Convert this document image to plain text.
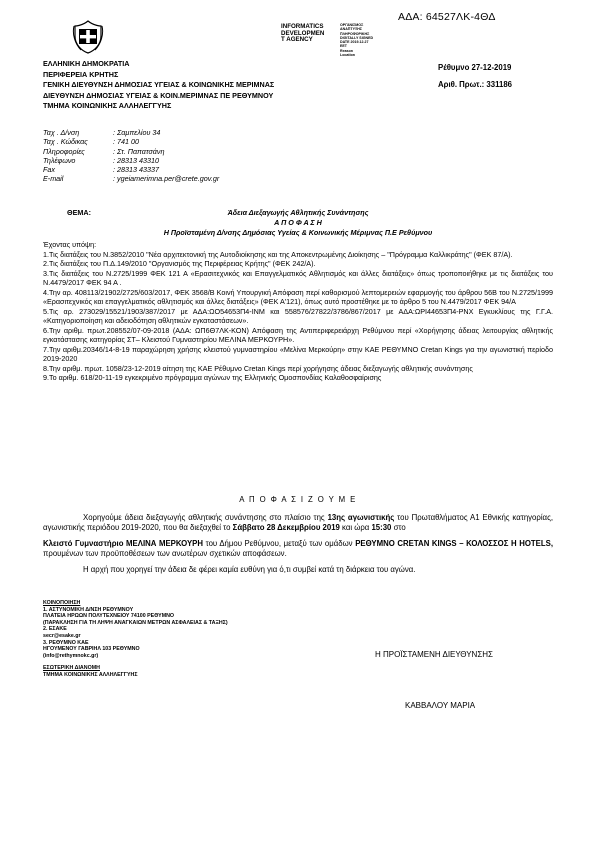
ΑΔΑ: 64527ΛΚ-4ΘΔ
INFORMATICS
DEVELOPMEN
T AGENCY
ΟΡΓΑΝΙΣΜΟΣ
ΑΝΑΠΤΥΞΗΣ
ΠΛΗΡΟΦΟΡΙΚΗΣ
DIGITALLY SIGNED
DATE 2019.12.27
EET
Reason
Location
ΕΛΛΗΝΙΚΗ ΔΗΜΟΚΡΑΤΙΑ
ΠΕΡΙΦΕΡΕΙΑ ΚΡΗΤΗΣ
ΓΕΝΙΚΗ ΔΙΕΥΘΥΝΣΗ ΔΗΜΟΣΙΑΣ ΥΓΕΙΑΣ & ΚΟΙΝΩΝΙΚΗΣ ΜΕΡΙΜΝΑΣ
ΔΙΕΥΘΥΝΣΗ ΔΗΜΟΣΙΑΣ ΥΓΕΙΑΣ & ΚΟΙΝ.ΜΕΡΙΜΝΑΣ ΠΕ ΡΕΘΥΜΝΟΥ
ΤΜΗΜΑ ΚΟΙΝΩΝΙΚΗΣ ΑΛΛΗΛΕΓΓΥΗΣ
Ρέθυμνο 27-12-2019
Αριθ. Πρωτ.: 331186
Ταχ . Δ/νση	: Σαμπελίου 34
Ταχ . Κώδικας	: 741 00
Πληροφορίες	: Στ. Παπατσάνη
Τηλέφωνο	: 28313 43310
Fax	: 28313 43337
E-mail	: ygeiamerimna.per@crete.gov.gr
Άδεια Διεξαγωγής Αθλητικής Συνάντησης
ΘΕΜΑ:
Α Π Ο Φ Α Σ Η
Η Προϊσταμένη Δ/νσης Δημόσιας Υγείας & Κοινωνικής Μέριμνας Π.Ε Ρεθύμνου
Έχοντας υπόψη:
1.Τις διατάξεις του Ν.3852/2010 "Νέα αρχιτεκτονική της Αυτοδιοίκησης και της Αποκεντρωμένης Διοίκησης – "Πρόγραμμα Καλλικράτης" (ΦΕΚ 87/Α).
2.Τις διατάξεις του Π.Δ.149/2010 "Οργανισμός της Περιφέρειας Κρήτης" (ΦΕΚ 242/Α).
3.Τις διατάξεις του Ν.2725/1999 ΦΕΚ 121 Α «Ερασιτεχνικός και Επαγγελματικός Αθλητισμός και άλλες διατάξεις» όπως τροποποιήθηκε με τις διατάξεις του Ν.4479/2017 ΦΕΚ 94 Α .
4.Την αρ. 408113/21902/2725/603/2017, ΦΕΚ 3568/Β Κοινή Υπουργική Απόφαση περί καθορισμού λεπτομερειών εφαρμογής του άρθρου 56Β του Ν.2725/1999 «Ερασιτεχνικός και επαγγελματικός αθλητισμός και άλλες διατάξεις» (ΦΕΚ Α'121), όπως αυτό προστέθηκε με το άρθρο 5 του Ν.4479/2017 ΦΕΚ 94/Α
5.Τις αρ. 273029/15521/1903/387/2017 με ΑΔΑ:ΩΟ54653Π4-ΙΝΜ και 558576/27822/3786/867/2017 με ΑΔΑ:ΩΡΙ44653Π4-ΡΝΧ Εγκυκλίους της Γ.Γ.Α. «Κατηγοριοποίηση και αδειοδότηση αθλητικών εγκαταστάσεων».
6.Την αριθμ. πρωτ.208552/07-09-2018 (ΑΔΑ: ΩΠ6Θ7ΛΚ-ΚΟΝ) Απόφαση της Αντιπεριφερειάρχη Ρεθύμνου περί «Χορήγησης άδειας λειτουργίας αθλητικής εγκατάστασης κατηγορίας ΣΤ– Κλειστού Γυμναστηρίου ΜΕΛΙΝΑ ΜΕΡΚΟΥΡΗ».
7.Την αριθμ.20346/14-8-19 παραχώρηση χρήσης κλειστού γυμναστηρίου «Μελίνα Μερκούρη» στην ΚΑΕ ΡΕΘΥΜΝΟ Cretan Kings για την αγωνιστική περίοδο 2019-2020
8.Την αριθμ. πρωτ. 1058/23-12-2019 αίτηση της ΚΑΕ Ρέθυμνο Cretan Kings περί χορήγησης άδειας διεξαγωγής αθλητικής συνάντησης
9.Το αριθμ. 618/20-11-19 εγκεκριμένο πρόγραμμα αγώνων της Ελληνικής Ομοσπονδίας Καλαθοσφαίρισης
Α Π Ο Φ Α Σ Ι Ζ Ο Υ Μ Ε

Χορηγούμε άδεια διεξαγωγής αθλητικής συνάντησης στο πλαίσιο της 13ης αγωνιστικής του Πρωταθλήματος Α1 Εθνικής κατηγορίας, αγωνιστικής περιόδου 2019-2020, που θα διεξαχθεί το Σάββατο 28 Δεκεμβρίου 2019 και ώρα 15:30 στο

Κλειστό Γυμναστήριο ΜΕΛΙΝΑ ΜΕΡΚΟΥΡΗ του Δήμου Ρεθύμνου, μεταξύ των ομάδων ΡΕΘΥΜΝΟ CRETAN KINGS – ΚΟΛΟΣΣΟΣ Η HOTELS, προυμένων των προϋποθέσεων των ανωτέρων σχετικών αποφάσεων.

Η αρχή που χορηγεί την άδεια δε φέρει καμία ευθύνη για ό,τι συμβεί κατά τη διάρκεια του αγώνα.

ΚΟΙΝΟΠΟΙΗΣΗ
1. ΑΣΤΥΝΟΜΙΚΗ Δ/ΝΣΗ ΡΕΘΥΜΝΟΥ
ΠΛΑΤΕΙΑ ΗΡΩΩΝ ΠΟΛΥΤΕΧΝΕΙΟΥ 74100 ΡΕΘΥΜΝΟ
(ΠΑΡΑΚΛΗΣΗ ΓΙΑ ΤΗ ΛΗΨΗ ΑΝΑΓΚΑΙΩΝ ΜΕΤΡΩΝ ΑΣΦΑΛΕΙΑΣ & ΤΑΞΗΣ)
2. ΕΣΑΚΕ
secr@esake.gr
3. ΡΕΘΥΜΝΟ ΚΑΕ
ΗΓΟΥΜΕΝΟΥ ΓΑΒΡΙΗΛ 103 ΡΕΘΥΜΝΟ
(info@rethymnokc.gr)
ΕΣΩΤΕΡΙΚΗ ΔΙΑΝΟΜΗ
ΤΜΗΜΑ ΚΟΙΝΩΝΙΚΗΣ ΑΛΛΗΛΕΓΓΥΗΣ
Η ΠΡΟΪΣΤΑΜΕΝΗ ΔΙΕΥΘΥΝΣΗΣ
ΚΑΒΒΑΛΟΥ ΜΑΡΙΑ
